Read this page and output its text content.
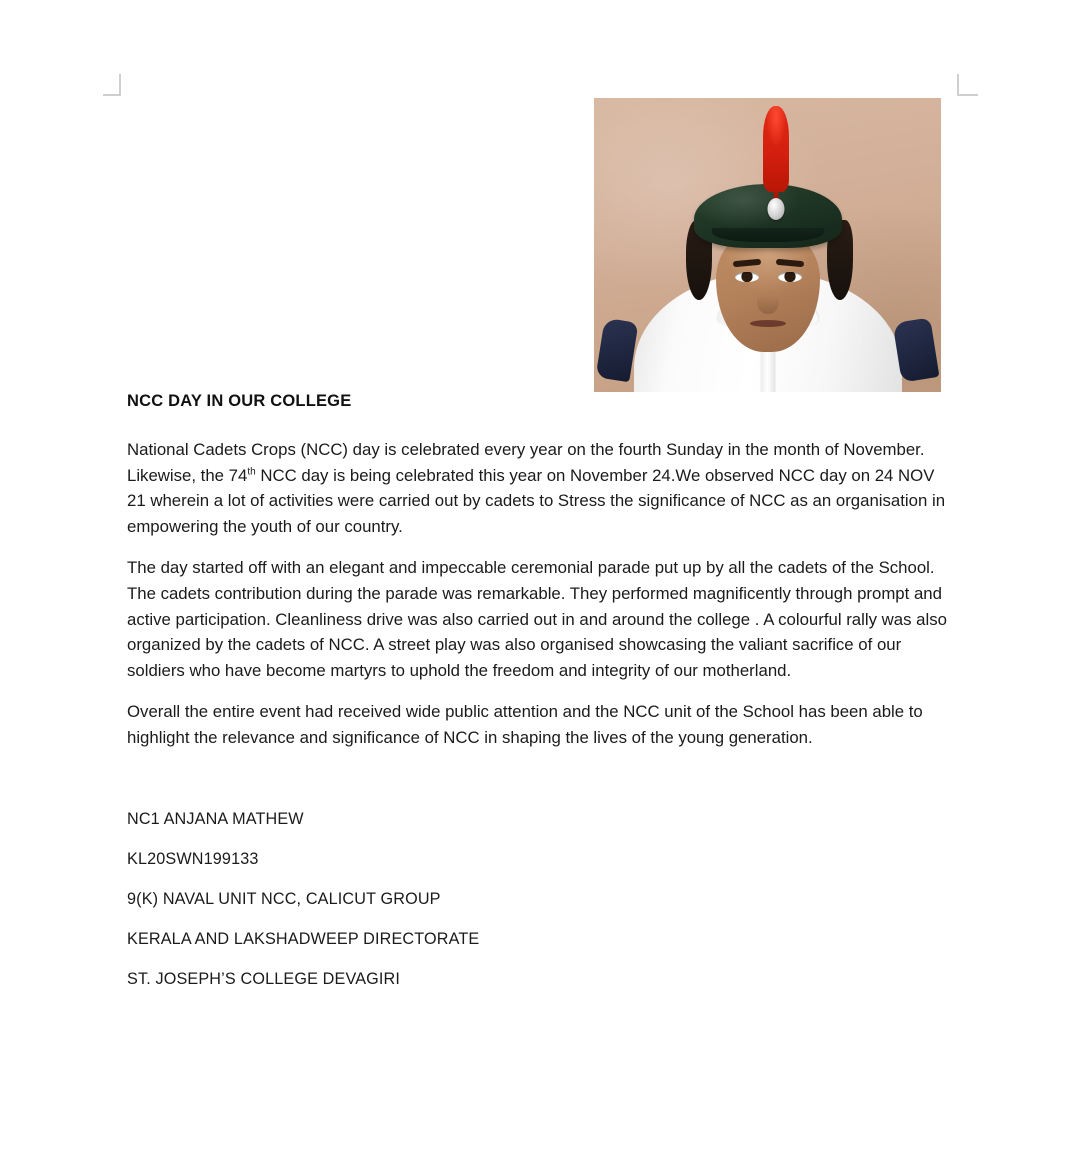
NCC DAY IN OUR COLLEGE

National Cadets Crops (NCC) day is celebrated every year on the fourth Sunday in the month of November. Likewise, the 74th NCC day is being celebrated this year on November 24.We observed NCC day on 24 NOV 21 wherein a lot of activities were carried out by cadets to Stress the significance of NCC as an organisation in empowering the youth of our country.

The day started off with an elegant and impeccable ceremonial parade put up by all the cadets of the School. The cadets contribution during the parade was remarkable. They performed magnificently through prompt and active participation. Cleanliness drive was also carried out in and around the college . A colourful rally was also organized by the cadets of NCC. A street play was also organised showcasing the valiant sacrifice of our soldiers who have become martyrs to uphold the freedom and integrity of our motherland.

Overall the entire event had received wide public attention and the NCC unit of the School has been able to highlight the relevance and significance of NCC in shaping the lives of the young generation.

NC1 ANJANA MATHEW

KL20SWN199133

9(K) NAVAL UNIT NCC, CALICUT GROUP

KERALA AND LAKSHADWEEP DIRECTORATE

ST. JOSEPH’S COLLEGE DEVAGIRI
